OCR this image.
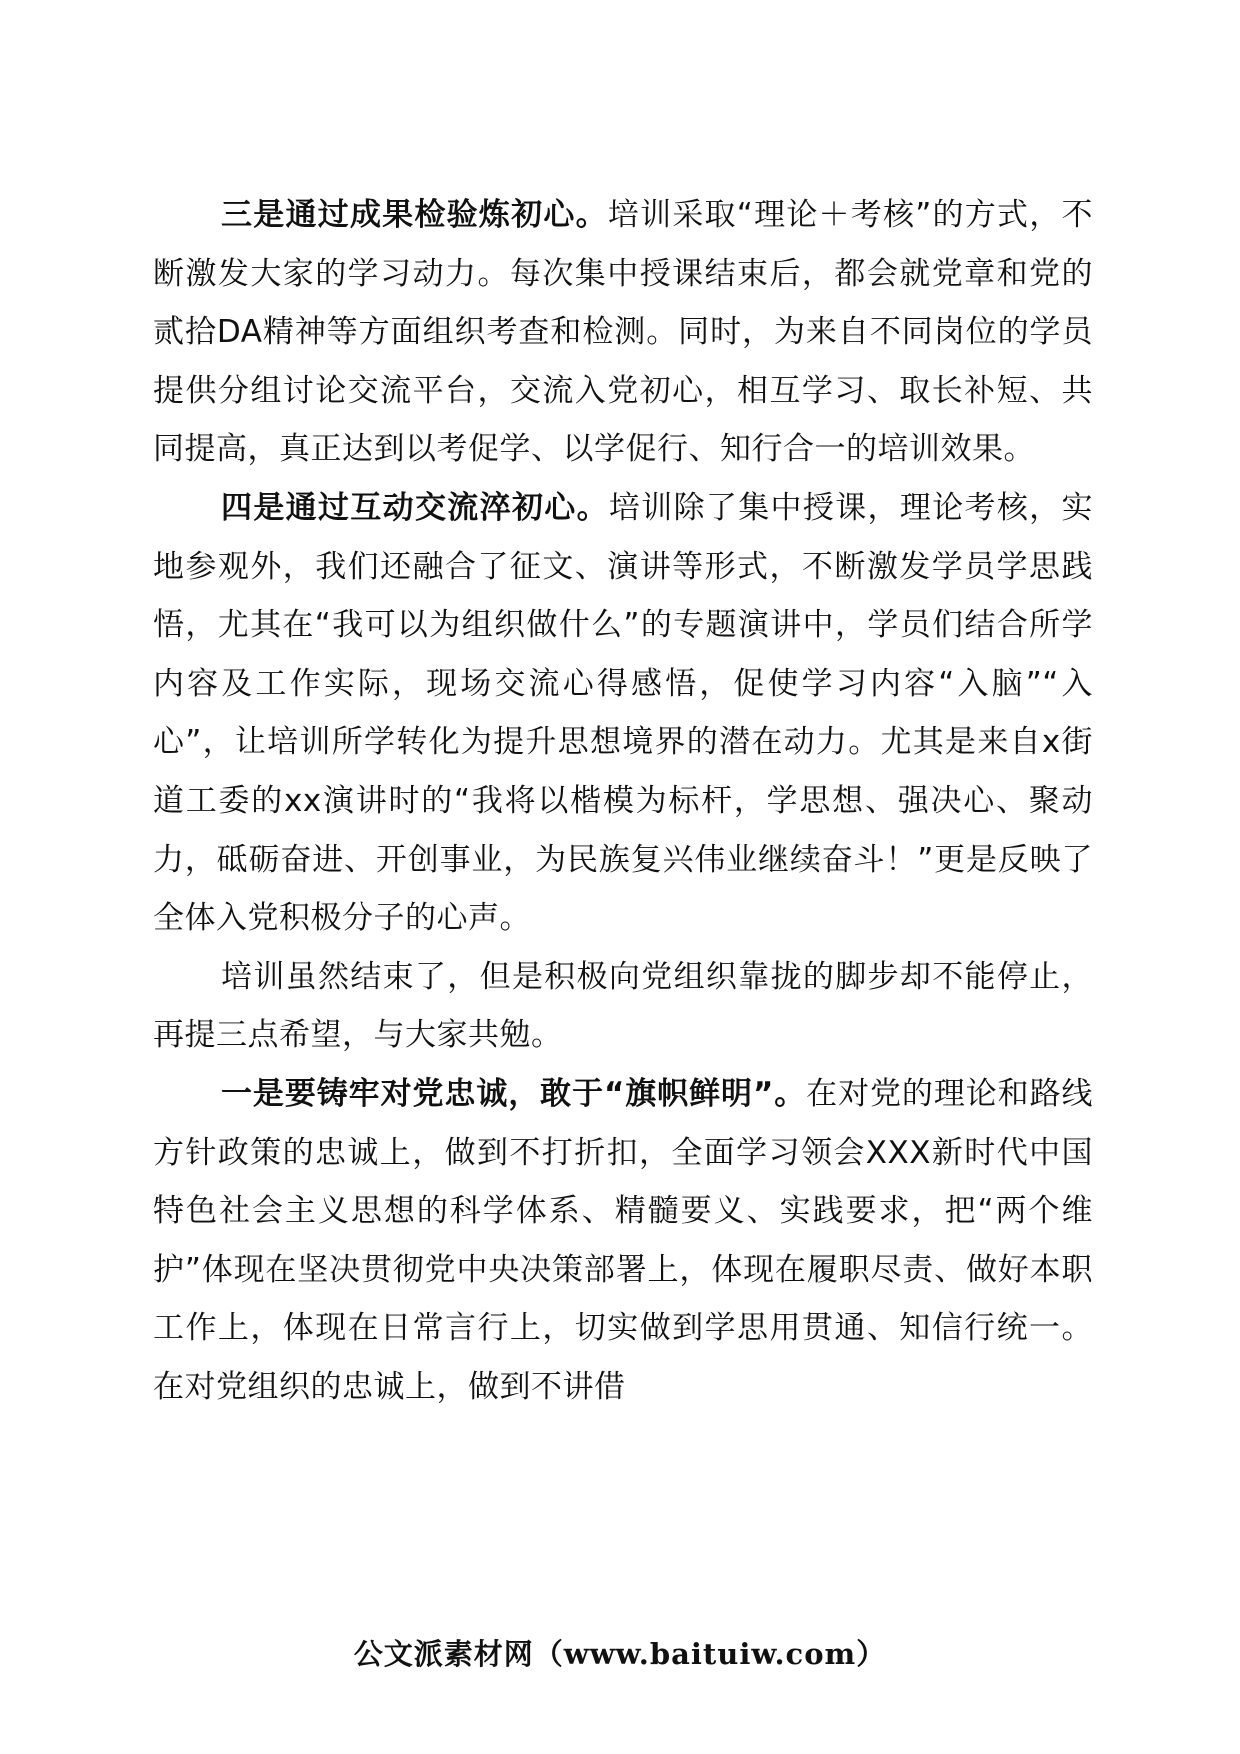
三是通过成果检验炼初心。培训采取“理论＋考核”的方式，不断激发大家的学习动力。每次集中授课结束后，都会就党章和党的贰拾DA精神等方面组织考查和检测。同时，为来自不同岗位的学员提供分组讨论交流平台，交流入党初心，相互学习、取长补短、共同提高，真正达到以考促学、以学促行、知行合一的培训效果。

四是通过互动交流淬初心。培训除了集中授课，理论考核，实地参观外，我们还融合了征文、演讲等形式，不断激发学员学思践悟，尤其在“我可以为组织做什么”的专题演讲中，学员们结合所学内容及工作实际，现场交流心得感悟，促使学习内容“入脑”“入心”，让培训所学转化为提升思想境界的潜在动力。尤其是来自x街道工委的xx演讲时的“我将以楷模为标杆，学思想、强决心、聚动力，砥砺奋进、开创事业，为民族复兴伟业继续奋斗！”更是反映了全体入党积极分子的心声。

培训虽然结束了，但是积极向党组织靠拢的脚步却不能停止，再提三点希望，与大家共勉。

一是要铸牢对党忠诚，敢于“旗帜鲜明”。在对党的理论和路线方针政策的忠诚上，做到不打折扣，全面学习领会XXX新时代中国特色社会主义思想的科学体系、精髓要义、实践要求，把“两个维护”体现在坚决贯彻党中央决策部署上，体现在履职尽责、做好本职工作上，体现在日常言行上，切实做到学思用贯通、知信行统一。在对党组织的忠诚上，做到不讲借

公文派素材网（www.baituiw.com）
